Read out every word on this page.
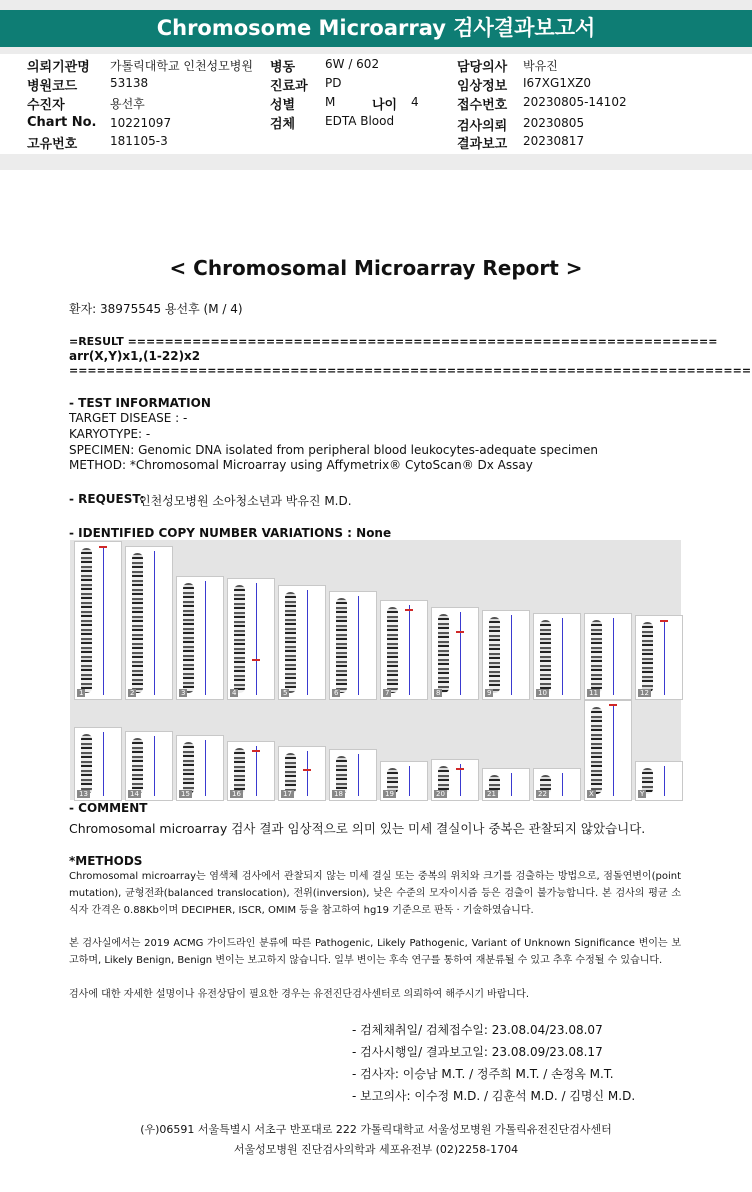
Chromosome Microarray 검사결과보고서
의뢰기관명 가톨릭대학교 인천성모병원
병원코드	53138
수진자	용선후
Chart No. 10221097
고유번호	181105-3
병동 6W / 602
진료과 PD
성별 M	나이 4
검체 EDTA Blood
담당의사 박유진
임상정보 I67XG1XZ0
접수번호 20230805-14102
검사의뢰 20230805
결과보고 20230817
< Chromosomal Microarray Report >
환자: 38975545 용선후 (M / 4)
=RESULT ================================================================
arr(X,Y)x1,(1-22)x2
==========================================================================
- TEST INFORMATION
TARGET DISEASE : -
KARYOTYPE: -
SPECIMEN: Genomic DNA isolated from peripheral blood leukocytes-adequate specimen
METHOD: *Chromosomal Microarray using Affymetrix® CytoScan® Dx Assay
- REQUEST:
인천성모병원 소아청소년과 박유진 M.D.
- IDENTIFIED COPY NUMBER VARIATIONS : None
1	2	3	4	5	6	7	8	9	10	11	12
13	14	15	16	17	18	19	20	21	22	X	Y
- COMMENT
Chromosomal microarray 검사 결과 임상적으로 의미 있는 미세 결실이나 중복은 관찰되지 않았습니다.
*METHODS
Chromosomal microarray는 염색체 검사에서 관찰되지 않는 미세 결실 또는 중복의 위치와 크기를 검출하는 방법으로, 점돌연변이(point mutation), 균형전좌(balanced translocation), 전위(inversion), 낮은 수준의 모자이시즘 등은 검출이 불가능합니다. 본 검사의 평균 소식자 간격은 0.88Kb이며 DECIPHER, ISCR, OMIM 등을 참고하여 hg19 기준으로 판독 · 기술하였습니다.
본 검사실에서는 2019 ACMG 가이드라인 분류에 따른 Pathogenic, Likely Pathogenic, Variant of Unknown Significance 변이는 보고하며, Likely Benign, Benign 변이는 보고하지 않습니다. 일부 변이는 후속 연구를 통하여 재분류될 수 있고 추후 수정될 수 있습니다.
검사에 대한 자세한 설명이나 유전상담이 필요한 경우는 유전진단검사센터로 의뢰하여 해주시기 바랍니다.
- 검체채취일/ 검체접수일: 23.08.04/23.08.07
- 검사시행일/ 결과보고일: 23.08.09/23.08.17
- 검사자: 이승남 M.T. / 정주희 M.T. / 손정옥 M.T.
- 보고의사: 이수정 M.D. / 김훈석 M.D. / 김명신 M.D.
(우)06591 서울특별시 서초구 반포대로 222 가톨릭대학교 서울성모병원 가톨릭유전진단검사센터
서울성모병원 진단검사의학과 세포유전부 (02)2258-1704
